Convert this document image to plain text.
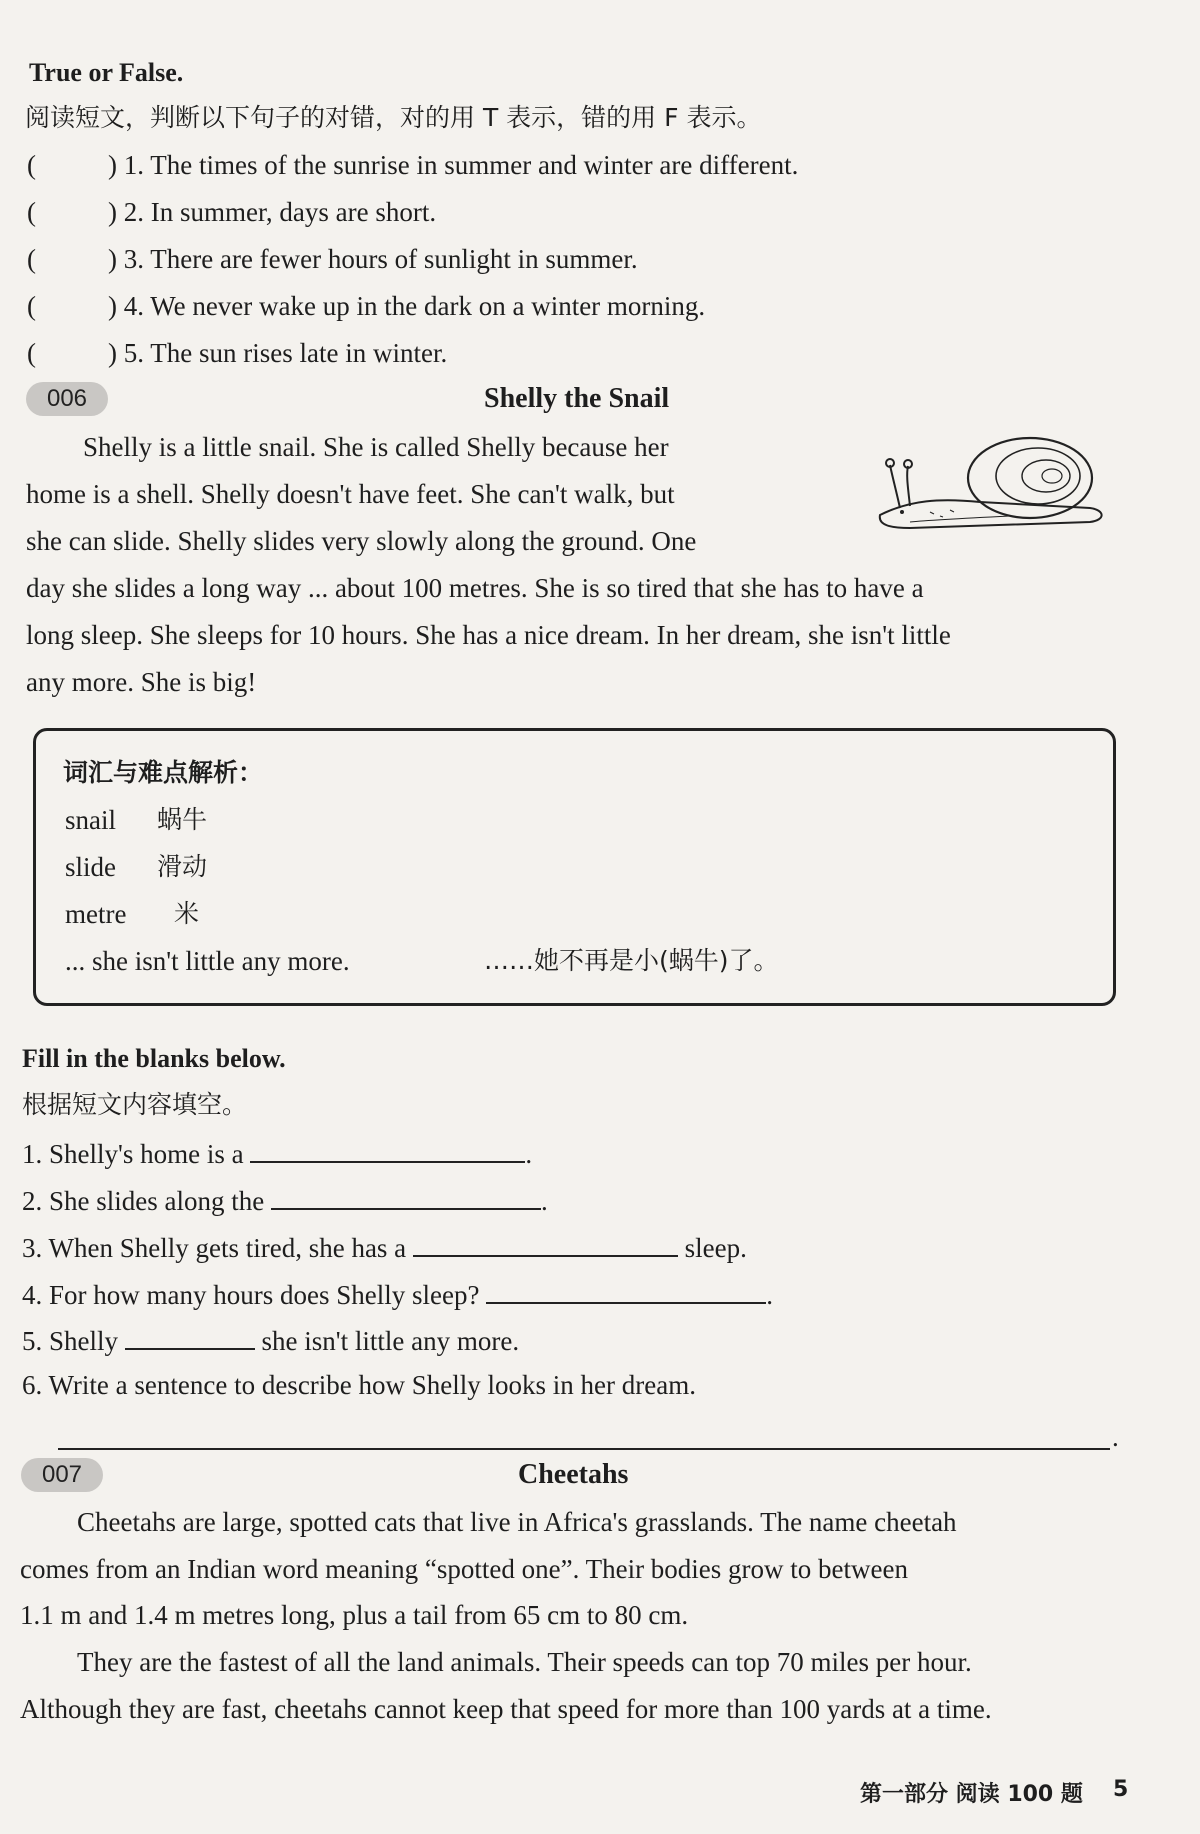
True or False.
阅读短文，判断以下句子的对错，对的用 T 表示，错的用 F 表示。
(	) 1. The times of the sunrise in summer and winter are different.
(	) 2. In summer, days are short.
(	) 3. There are fewer hours of sunlight in summer.
(	) 4. We never wake up in the dark on a winter morning.
(	) 5. The sun rises late in winter.
006	Shelly the Snail
Shelly is a little snail. She is called Shelly because her
home is a shell. Shelly doesn't have feet. She can't walk, but
she can slide. Shelly slides very slowly along the ground. One
day she slides a long way ... about 100 metres. She is so tired that she has to have a
long sleep. She sleeps for 10 hours. She has a nice dream. In her dream, she isn't little
any more. She is big!
词汇与难点解析：
snail 蜗牛
slide 滑动
metre 米
... she isn't little any more.	……她不再是小(蜗牛)了。
Fill in the blanks below.
根据短文内容填空。
1. Shelly's home is a	.
2. She slides along the	.
3. When Shelly gets tired, she has a	sleep.
4. For how many hours does Shelly sleep?	.
5. Shelly	she isn't little any more.
6. Write a sentence to describe how Shelly looks in her dream.
.
007	Cheetahs
Cheetahs are large, spotted cats that live in Africa's grasslands. The name cheetah
comes from an Indian word meaning “spotted one”. Their bodies grow to between
1.1 m and 1.4 m metres long, plus a tail from 65 cm to 80 cm.
They are the fastest of all the land animals. Their speeds can top 70 miles per hour.
Although they are fast, cheetahs cannot keep that speed for more than 100 yards at a time.
第一部分 阅读 100 题 5
